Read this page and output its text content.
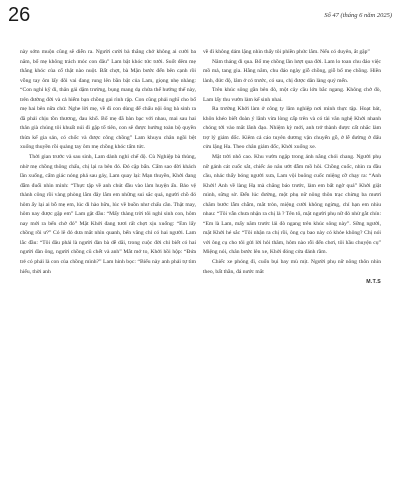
26	Số 47 (tháng 6 năm 2025)

này sớm muộn cũng sẽ diễn ra. Người cười bà thẳng chở không ai cười ba năm, bố mẹ không trách móc con đâu” Lam bật khóc tức tưởi. Suốt đêm mẹ thẳng khóc của cổ thật nào nuột. Bất chợt, bà Mận bước đến bên cạnh rồi vỗng tay ôm lấy đôi vai đang rung lên bần bật của Lam, giọng nhẹ nhàng: “Con nghỉ kỹ đi, thân gái dặm trường, bụng mang dạ chửa thế hướng thế này, trên đường đời và cả hiểm bạn chồng gai rình rập. Con cũng phải nghĩ cho bố mẹ hai bên nữa chứ. Nghe lời mẹ, về đi con dùng để chấu nội ông bà sinh ra đã phải chịu tồn thương, đau khổ. Bố mẹ đã bàn bạc với nhau, mai sau hai thân già chúng tôi khuất núi đi gặp tổ tiên, con sẽ được hưởng toàn bộ quyền thừa kế gia sản, có chốc và được công chồng” Lam khuyu chân ngồi bệt xuống thuyền rồi quàng tay ôm mẹ chồng khóc tấm tức.

Thời gian trước và sau sinh, Lam dành nghỉ chế độ. Cù Nghiệp bà thủng, nhờ mẹ chồng thông chấu, chị lại ra bên đó. Đó cặp bẩn. Cẩm sao đời khách lần xuống, cẩm giác nóng phả sau gáy, Lam quay lại: Mạn thuyền, Khởi đang đẫm đuối nhìn mình: “Thực tập về anh chút đầu vào làm huyện ấn. Bảo vệ thành công rồi vàng phòng lắm đây lắm em những sui sắc quá, người chồ đó hôm ấy lại ai bỗ mẹ em, lúc đi hào hữu, lúc về buồn như chấu cần. Thật may, hôm nay được gặp em” Lam gật đầu: “Mấy thàng trời tôi nghỉ sinh con, hôm nay mới ra bến chở đó” Mặt Khởi đang tươi rất chợt xịu xuống: “Em lấy chồng rồi ư?” Có lẽ đó dưa mắt nhìn quanh, bến vắng chỉ có hai người. Lam lắc đầu: “Tôi đâu phải là người đàn bà dễ dãi, trong cuộc đời chỉ biết có hai người đàn ông, người chồng cũ chết và anh” Mắt mở to, Khởi hồi hộp: “Đứa trẻ có phải là con của chồng mình?” Lam hinh bọc: “Biểu này anh phải tự tìm hiểu, thời anh

về đi không dám lặng nhìn thấy tôi phiền phức lắm. Nếu có duyên, ắt gặp”

Năm tháng đi qua. Bố mẹ chồng lần lượt qua đời. Lam lo toan chu đáo việc mồ mả, tang gia. Hằng năm, chu đáo ngày giỗ chồng, giỗ bố mẹ chồng. Hiền lành, đức độ, lâm ở có trước, có sau, chị được dân làng quý mến.

Trên khúc sông gần bên đò, một cây cầu lớn bắc ngang. Không chở đò, Lam lấy thu vườn làm kế sinh nhai.

Ra trường Khởi làm ở công ty lâm nghiệp nơi mình thực tập. Hoạt bát, khôn khéo biết đoàn ý lãnh vừa lòng cấp trên và có tài văn nghệ Khởi nhanh chóng tới vào mắt lãnh đạo. Nhiệm kỳ mới, anh trở thành được cất nhắc làm trợ lý giám đốc. Kiêm cả cáo tuyên dương vận chuyển gỗ, ở lễ đường ở đấu cửu lặng Ha. Theo chân giám đốc, Khởi xuống xe.

Mặt trời nhô cao. Khu vườn ngập trong ánh nắng chói chang. Người phụ nữ gánh cát cuốc sắt, chiếc áo nâu ướt đẫm mồ hôi. Chồng cuốc, nhìn ra đầu cầu, nhác thấy bóng người xưa, Lam vội buông cuốc miệng cỡ chạy ra: “Anh Khởi! Anh về làng Hạ mà chẳng báo trước, làm em bất ngờ quá” Khởi giật mình, sững sờ. Đến lúc đường, một phụ nữ nông thôn trạc chừng ba mươi chăm bước lẫm chẫm, mắt tròn, miệng cười không ngừng, chỉ hạn em nhìu nhau: “Tôi vẫn chưa nhận ra chị là ? Tên tô, mặt người phụ nữ đỏ nhừ gắt chín: “Em là Lam, mấy năm trước lái đò ngang trên khúc sông này”. Sững người, mặt Khởi hé sắc “Tôi nhận ra chị rồi, ông cụ bao này có khỏe không? Chị nói với ông cụ cho tôi gửi lời hỏi thăm, hôm nào rỗi đến chơi, tôi hầu chuyện cụ” Miệng nói, chân bước lên xe, Khởi đóng cửa đánh rầm.

Chiếc xe phóng đi, cuốn bụi bay mù mịt. Người phụ nữ nông thôn nhìn theo, bất thần, đá nước mắt

M.T.S
